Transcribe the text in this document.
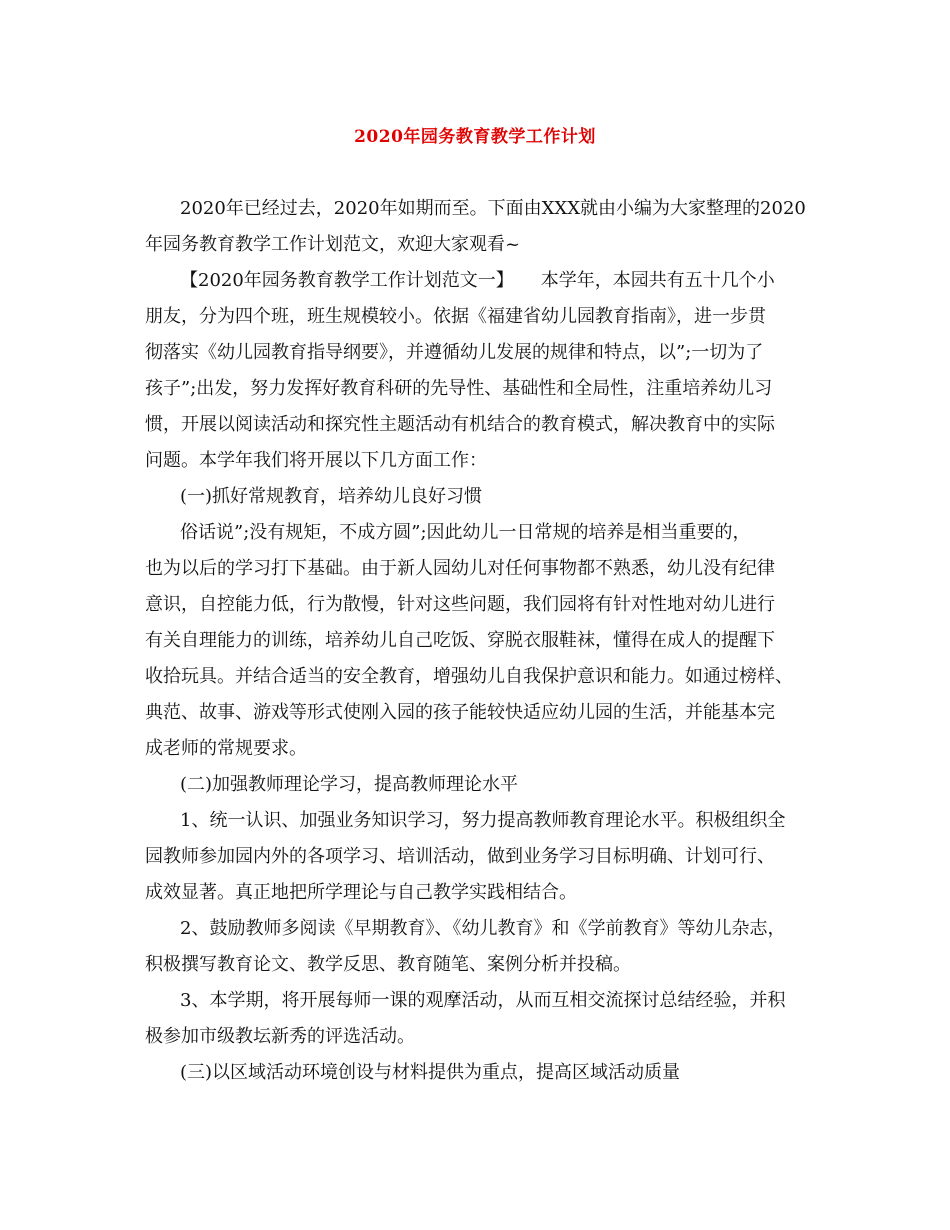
2020年园务教育教学工作计划
2020年已经过去，2020年如期而至。下面由XXX就由小编为大家整理的2020
年园务教育教学工作计划范文，欢迎大家观看~
【2020年园务教育教学工作计划范文一】　　本学年，本园共有五十几个小
朋友，分为四个班，班生规模较小。依据《福建省幼儿园教育指南》，进一步贯
彻落实《幼儿园教育指导纲要》，并遵循幼儿发展的规律和特点，以”;一切为了
孩子”;出发，努力发挥好教育科研的先导性、基础性和全局性，注重培养幼儿习
惯，开展以阅读活动和探究性主题活动有机结合的教育模式，解决教育中的实际
问题。本学年我们将开展以下几方面工作：
(一)抓好常规教育，培养幼儿良好习惯
俗话说”;没有规矩，不成方圆”;因此幼儿一日常规的培养是相当重要的，
也为以后的学习打下基础。由于新人园幼儿对任何事物都不熟悉，幼儿没有纪律
意识，自控能力低，行为散慢，针对这些问题，我们园将有针对性地对幼儿进行
有关自理能力的训练，培养幼儿自己吃饭、穿脱衣服鞋袜，懂得在成人的提醒下
收拾玩具。并结合适当的安全教育，增强幼儿自我保护意识和能力。如通过榜样、
典范、故事、游戏等形式使刚入园的孩子能较快适应幼儿园的生活，并能基本完
成老师的常规要求。
(二)加强教师理论学习，提高教师理论水平
1、统一认识、加强业务知识学习，努力提高教师教育理论水平。积极组织全
园教师参加园内外的各项学习、培训活动，做到业务学习目标明确、计划可行、
成效显著。真正地把所学理论与自己教学实践相结合。
2、鼓励教师多阅读《早期教育》、《幼儿教育》和《学前教育》等幼儿杂志，
积极撰写教育论文、教学反思、教育随笔、案例分析并投稿。
3、本学期，将开展每师一课的观摩活动，从而互相交流探讨总结经验，并积
极参加市级教坛新秀的评选活动。
(三)以区域活动环境创设与材料提供为重点，提高区域活动质量
